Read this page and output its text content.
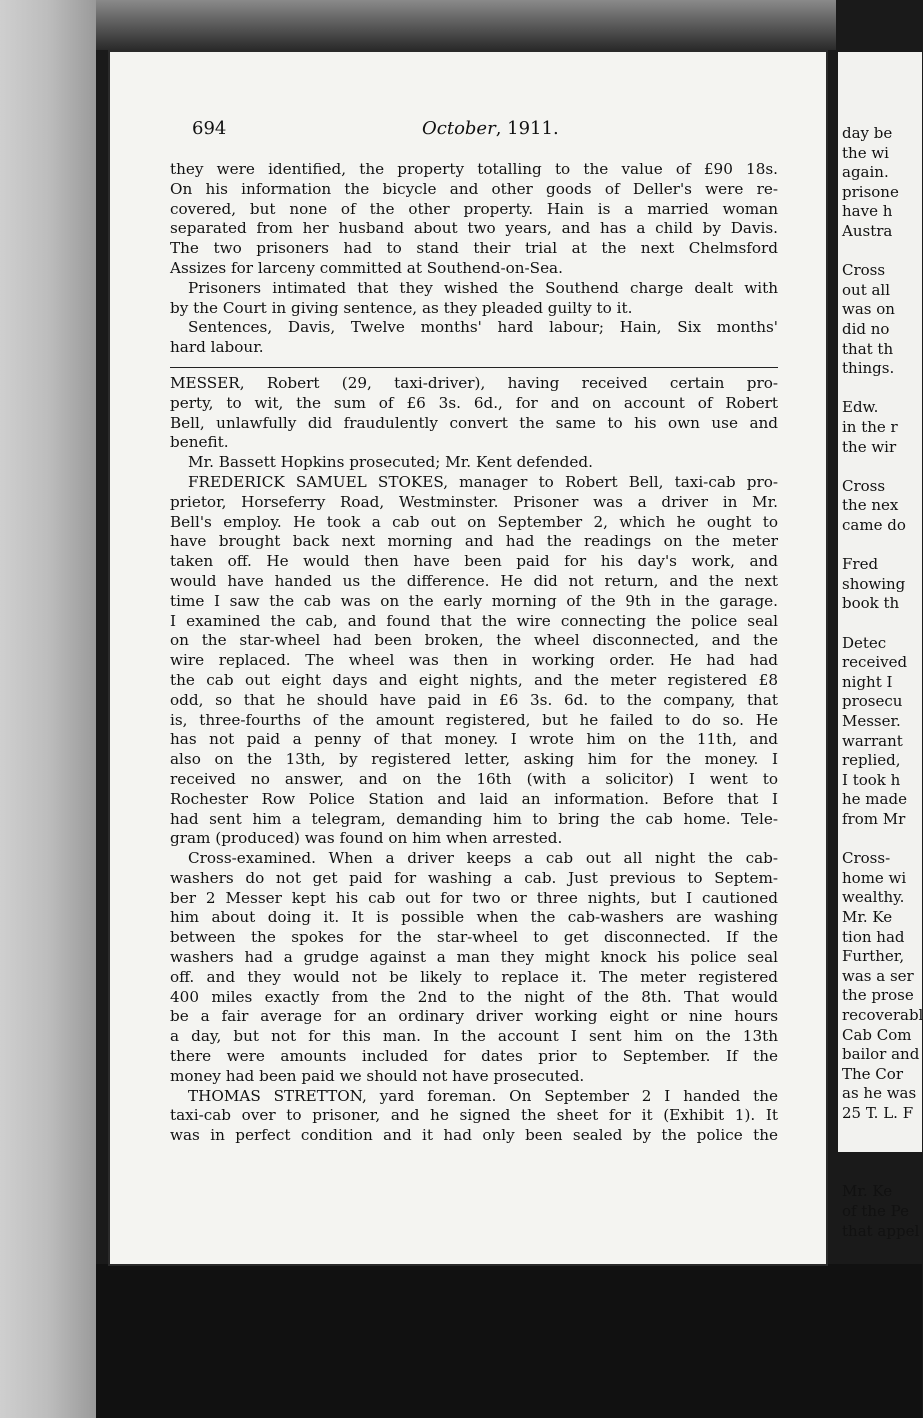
day be
the wi
again.
prisone
have h
Austra
Cross
out all
was on
did no
that th
things.
Edw.
in the r
the wir
Cross
the nex
came do
Fred
showing
book th
Detec
received
night I
prosecu
Messer.
warrant
replied,
I took h
he made
from Mr
Cross-
home wi
wealthy.
Mr. Ke
tion had
Further,
was a ser
the prose
recoverabl
Cab Com
bailor and
The Cor
as he was
25 T. L. F
Mr. Ke
of the Pe
that appel
694	October, 1911.
they were identified, the property totalling to the value of £90 18s.
On his information the bicycle and other goods of Deller's were re-
covered, but none of the other property. Hain is a married woman
separated from her husband about two years, and has a child by Davis.
The two prisoners had to stand their trial at the next Chelmsford
Assizes for larceny committed at Southend-on-Sea.
Prisoners intimated that they wished the Southend charge dealt with
by the Court in giving sentence, as they pleaded guilty to it.
Sentences, Davis, Twelve months' hard labour; Hain, Six months'
hard labour.
MESSER, Robert (29, taxi-driver), having received certain pro-
perty, to wit, the sum of £6 3s. 6d., for and on account of Robert
Bell, unlawfully did fraudulently convert the same to his own use and
benefit.
Mr. Bassett Hopkins prosecuted; Mr. Kent defended.
FREDERICK SAMUEL STOKES, manager to Robert Bell, taxi-cab pro-
prietor, Horseferry Road, Westminster. Prisoner was a driver in Mr.
Bell's employ. He took a cab out on September 2, which he ought to
have brought back next morning and had the readings on the meter
taken off. He would then have been paid for his day's work, and
would have handed us the difference. He did not return, and the next
time I saw the cab was on the early morning of the 9th in the garage.
I examined the cab, and found that the wire connecting the police seal
on the star-wheel had been broken, the wheel disconnected, and the
wire replaced. The wheel was then in working order. He had had
the cab out eight days and eight nights, and the meter registered £8
odd, so that he should have paid in £6 3s. 6d. to the company, that
is, three-fourths of the amount registered, but he failed to do so. He
has not paid a penny of that money. I wrote him on the 11th, and
also on the 13th, by registered letter, asking him for the money. I
received no answer, and on the 16th (with a solicitor) I went to
Rochester Row Police Station and laid an information. Before that I
had sent him a telegram, demanding him to bring the cab home. Tele-
gram (produced) was found on him when arrested.
Cross-examined. When a driver keeps a cab out all night the cab-
washers do not get paid for washing a cab. Just previous to Septem-
ber 2 Messer kept his cab out for two or three nights, but I cautioned
him about doing it. It is possible when the cab-washers are washing
between the spokes for the star-wheel to get disconnected. If the
washers had a grudge against a man they might knock his police seal
off. and they would not be likely to replace it. The meter registered
400 miles exactly from the 2nd to the night of the 8th. That would
be a fair average for an ordinary driver working eight or nine hours
a day, but not for this man. In the account I sent him on the 13th
there were amounts included for dates prior to September. If the
money had been paid we should not have prosecuted.
THOMAS STRETTON, yard foreman. On September 2 I handed the
taxi-cab over to prisoner, and he signed the sheet for it (Exhibit 1). It
was in perfect condition and it had only been sealed by the police the
